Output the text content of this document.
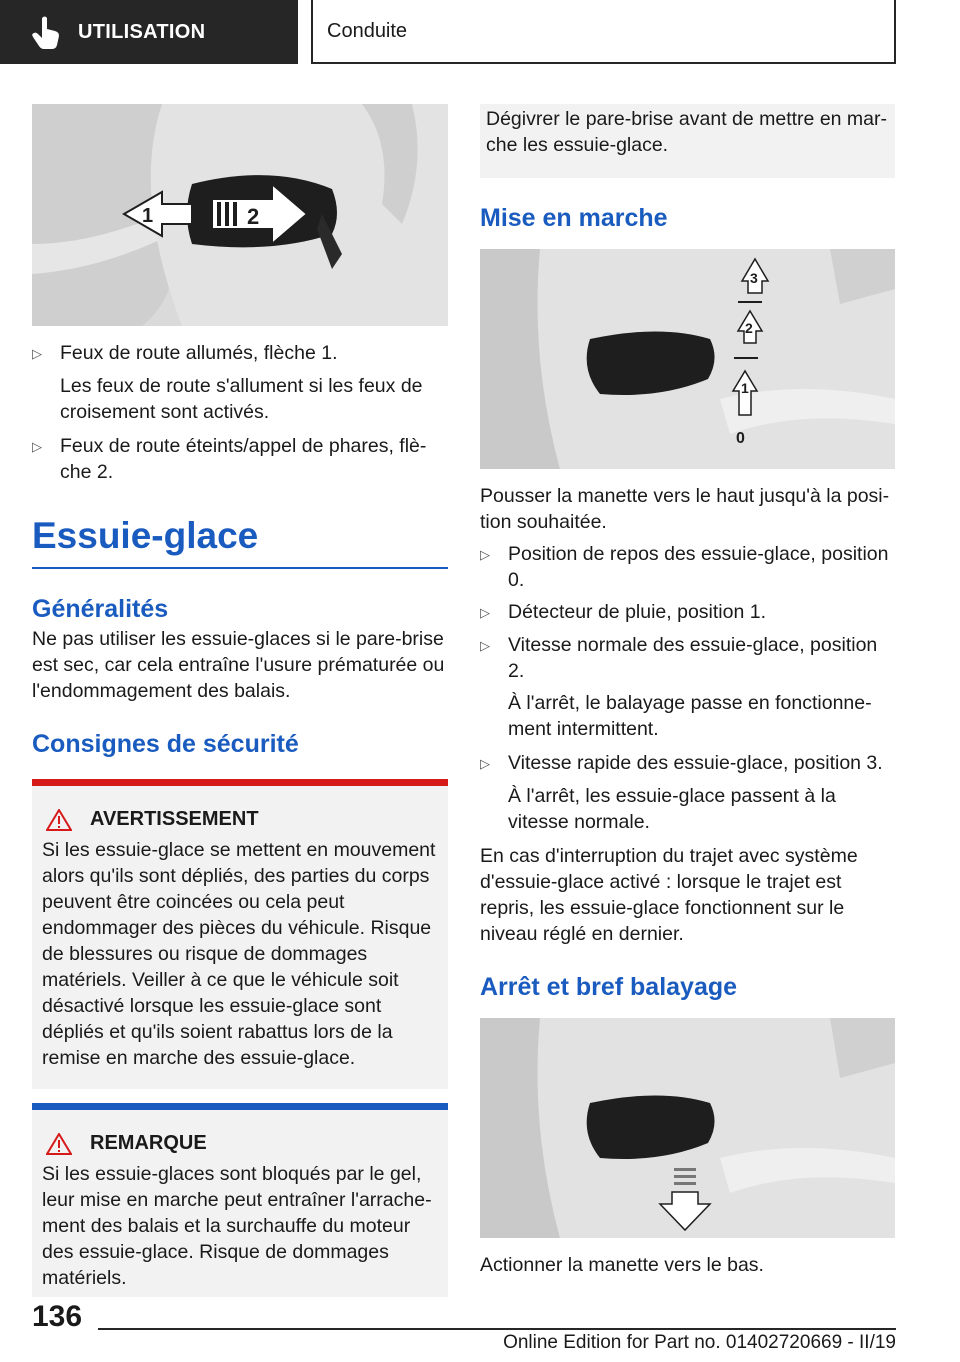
UTILISATION	Conduite
1	2
▷ Feux de route allumés, flèche 1.
Les feux de route s'allument si les feux de croisement sont activés.
▷ Feux de route éteints/appel de phares, flèche 2.
Essuie-glace
Généralités

Ne pas utiliser les essuie-glaces si le pare-brise est sec, car cela entraîne l'usure prématurée ou l'endommagement des balais.

Consignes de sécurité
AVERTISSEMENT
Si les essuie-glace se mettent en mouvement alors qu'ils sont dépliés, des parties du corps peuvent être coincées ou cela peut endommager des pièces du véhicule. Risque de blessures ou risque de dommages matériels. Veiller à ce que le véhicule soit désactivé lorsque les essuie-glace sont dépliés et qu'ils soient rabattus lors de la remise en marche des essuie-glace.
REMARQUE
Si les essuie-glaces sont bloqués par le gel, leur mise en marche peut entraîner l'arrachement des balais et la surchauffe du moteur des essuie-glace. Risque de dommages matériels.
Dégivrer le pare-brise avant de mettre en marche les essuie-glace.
Mise en marche
3
2
1
0

Pousser la manette vers le haut jusqu'à la position souhaitée.

▷ Position de repos des essuie-glace, position 0.
▷ Détecteur de pluie, position 1.
▷ Vitesse normale des essuie-glace, position 2.
À l'arrêt, le balayage passe en fonctionnement intermittent.
▷ Vitesse rapide des essuie-glace, position 3.
À l'arrêt, les essuie-glace passent à la vitesse normale.

En cas d'interruption du trajet avec système d'essuie-glace activé : lorsque le trajet est repris, les essuie-glace fonctionnent sur le niveau réglé en dernier.

Arrêt et bref balayage

Actionner la manette vers le bas.

136
Online Edition for Part no. 01402720669 - II/19
